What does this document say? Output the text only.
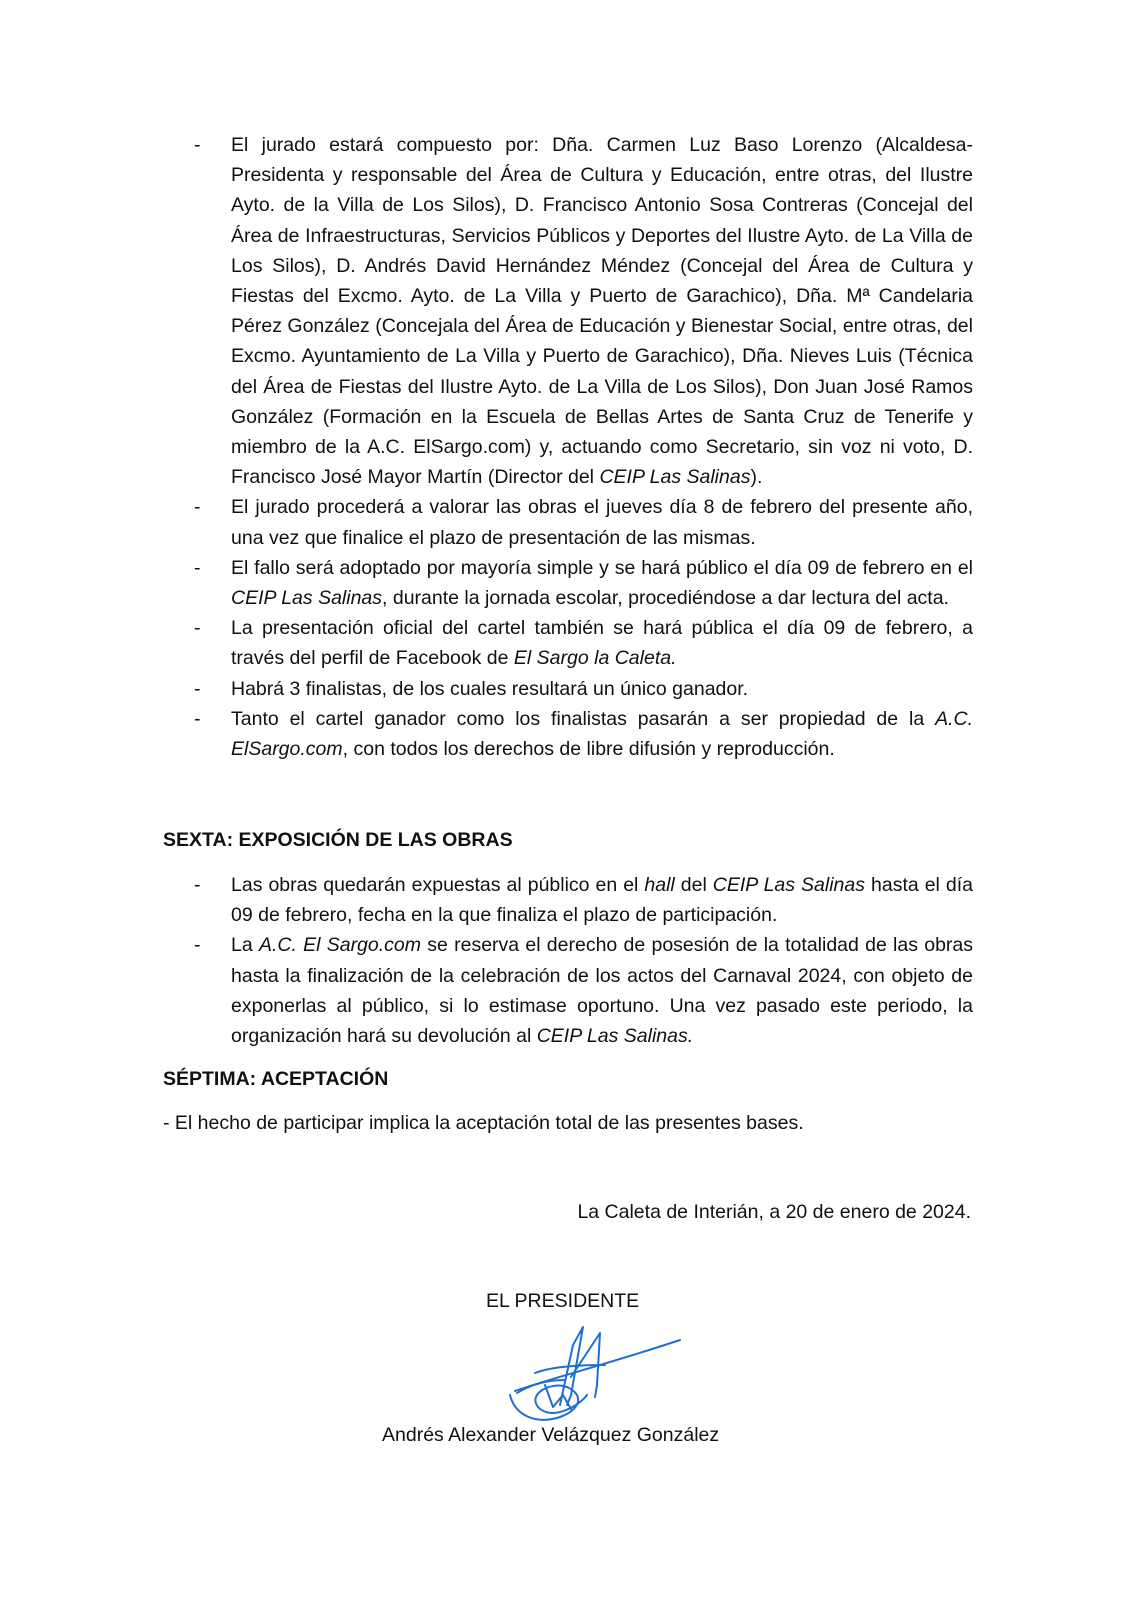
- El jurado estará compuesto por: Dña. Carmen Luz Baso Lorenzo (Alcaldesa-Presidenta y responsable del Área de Cultura y Educación, entre otras, del Ilustre Ayto. de la Villa de Los Silos), D. Francisco Antonio Sosa Contreras (Concejal del Área de Infraestructuras, Servicios Públicos y Deportes del Ilustre Ayto. de La Villa de Los Silos), D. Andrés David Hernández Méndez (Concejal del Área de Cultura y Fiestas del Excmo. Ayto. de La Villa y Puerto de Garachico), Dña. Mª Candelaria Pérez González (Concejala del Área de Educación y Bienestar Social, entre otras, del Excmo. Ayuntamiento de La Villa y Puerto de Garachico), Dña. Nieves Luis (Técnica del Área de Fiestas del Ilustre Ayto. de La Villa de Los Silos), Don Juan José Ramos González (Formación en la Escuela de Bellas Artes de Santa Cruz de Tenerife y miembro de la A.C. ElSargo.com) y, actuando como Secretario, sin voz ni voto, D. Francisco José Mayor Martín (Director del CEIP Las Salinas).
- El jurado procederá a valorar las obras el jueves día 8 de febrero del presente año, una vez que finalice el plazo de presentación de las mismas.
- El fallo será adoptado por mayoría simple y se hará público el día 09 de febrero en el CEIP Las Salinas, durante la jornada escolar, procediéndose a dar lectura del acta.
- La presentación oficial del cartel también se hará pública el día 09 de febrero, a través del perfil de Facebook de El Sargo la Caleta.
- Habrá 3 finalistas, de los cuales resultará un único ganador.
- Tanto el cartel ganador como los finalistas pasarán a ser propiedad de la A.C. ElSargo.com, con todos los derechos de libre difusión y reproducción.
SEXTA: EXPOSICIÓN DE LAS OBRAS
- Las obras quedarán expuestas al público en el hall del CEIP Las Salinas hasta el día 09 de febrero, fecha en la que finaliza el plazo de participación.
- La A.C. El Sargo.com se reserva el derecho de posesión de la totalidad de las obras hasta la finalización de la celebración de los actos del Carnaval 2024, con objeto de exponerlas al público, si lo estimase oportuno. Una vez pasado este periodo, la organización hará su devolución al CEIP Las Salinas.
SÉPTIMA: ACEPTACIÓN
- El hecho de participar implica la aceptación total de las presentes bases.
La Caleta de Interián, a 20 de enero de 2024.
EL PRESIDENTE
Andrés Alexander Velázquez González
